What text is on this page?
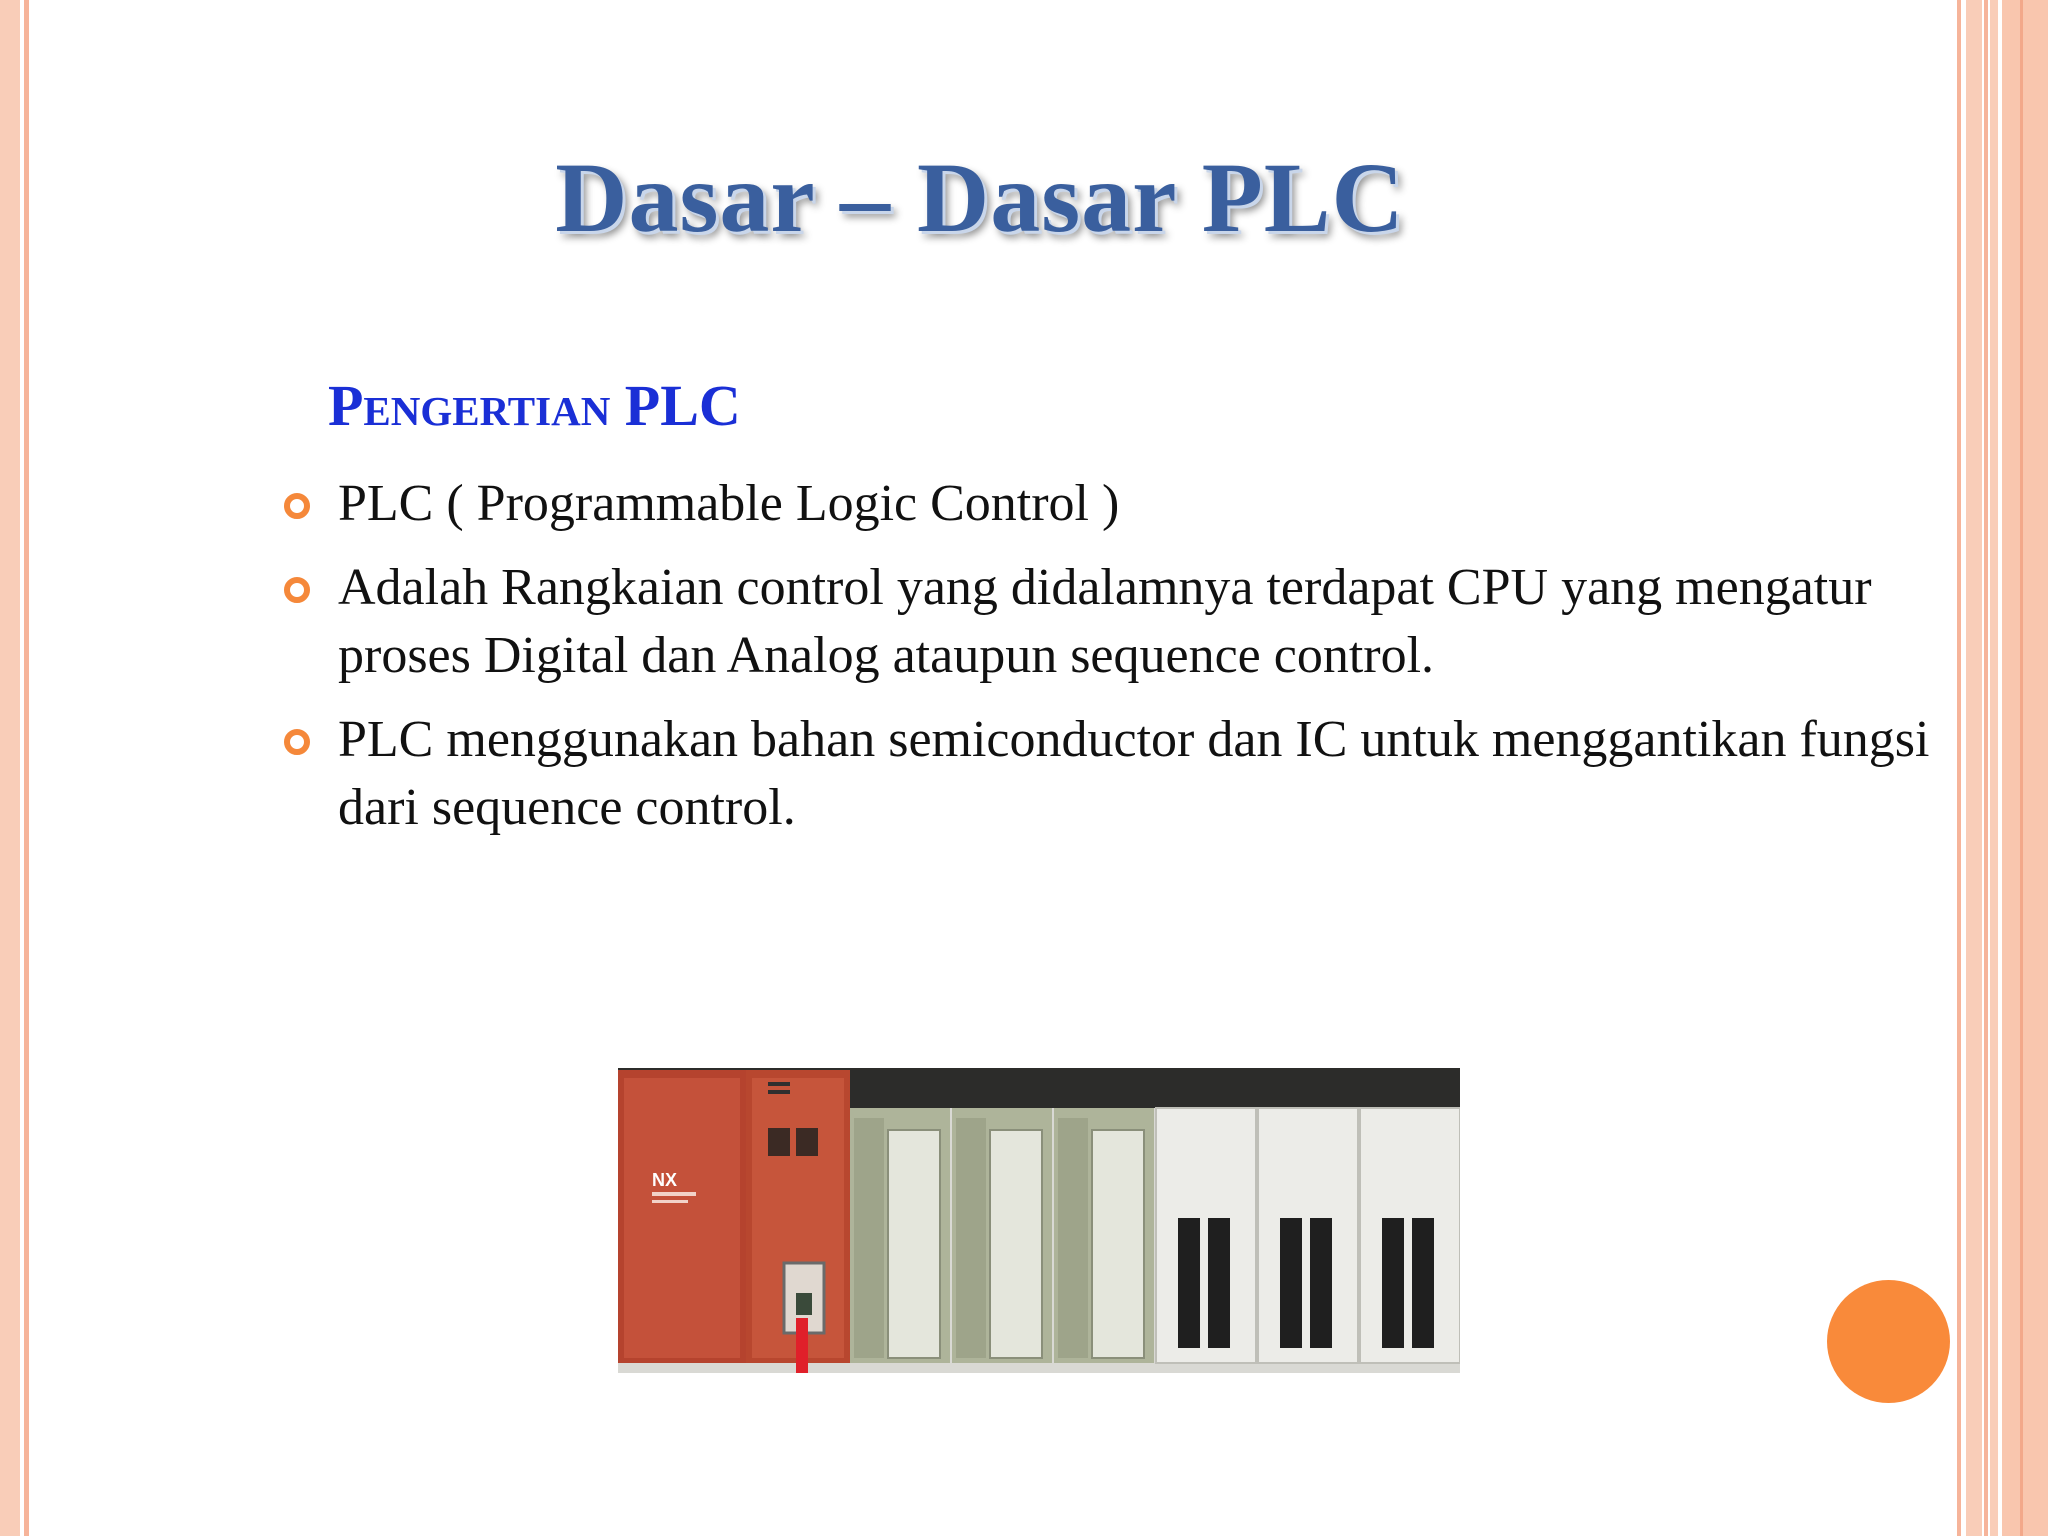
Dasar – Dasar PLC
Pengertian PLC
PLC ( Programmable Logic Control )
Adalah Rangkaian control yang didalamnya terdapat CPU yang mengatur proses Digital dan Analog ataupun sequence control.
PLC menggunakan bahan semiconductor dan IC untuk menggantikan fungsi dari sequence control.
NX
